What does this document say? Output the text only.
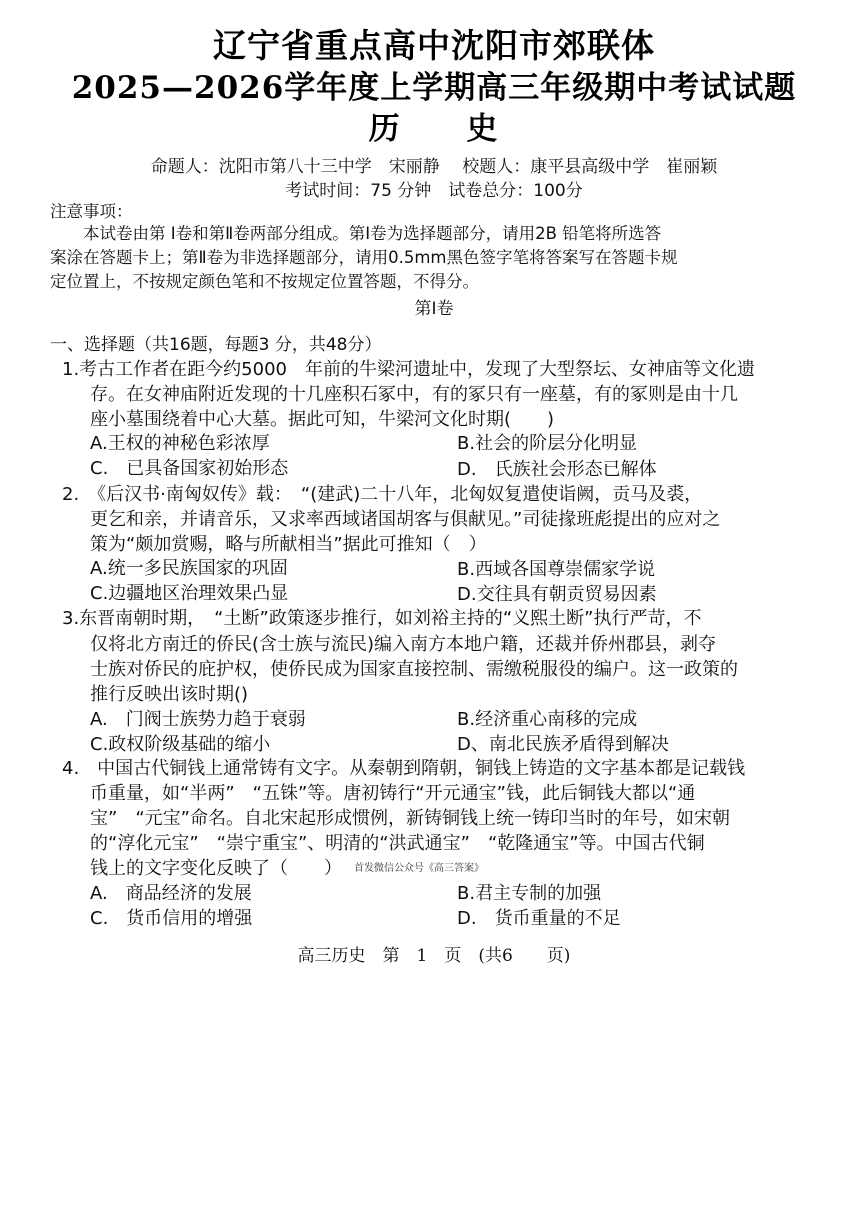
辽宁省重点高中沈阳市郊联体
2025—2026学年度上学期高三年级期中考试试题
历 史
命题人：沈阳市第八十三中学　宋丽静　 校题人：康平县高级中学　崔丽颖
考试时间：75 分钟　试卷总分：100分
注意事项：
　　本试卷由第 Ⅰ卷和第Ⅱ卷两部分组成。第Ⅰ卷为选择题部分，请用2B 铅笔将所选答
案涂在答题卡上；第Ⅱ卷为非选择题部分，请用0.5mm黑色签字笔将答案写在答题卡规
定位置上，不按规定颜色笔和不按规定位置答题，不得分。
第Ⅰ卷
一、选择题（共16题，每题3 分，共48分）
1.考古工作者在距今约5000　年前的牛梁河遗址中，发现了大型祭坛、女神庙等文化遗
存。在女神庙附近发现的十几座积石冢中，有的冢只有一座墓，有的冢则是由十几
座小墓围绕着中心大墓。据此可知，牛梁河文化时期(　　)
A.王权的神秘色彩浓厚	B.社会的阶层分化明显
C.　已具备国家初始形态	D.　氏族社会形态已解体
2.　《后汉书·南匈奴传》载：　“(建武)二十八年，北匈奴复遣使诣阙，贡马及裘，
更乞和亲，并请音乐，又求率西域诸国胡客与俱献见。”司徒掾班彪提出的应对之
策为“颇加赏赐，略与所献相当”据此可推知（　）
A.统一多民族国家的巩固	B.西域各国尊崇儒家学说
C.边疆地区治理效果凸显	D.交往具有朝贡贸易因素
3.东晋南朝时期，　“土断”政策逐步推行，如刘裕主持的“义熙土断”执行严苛，不
仅将北方南迁的侨民(含士族与流民)编入南方本地户籍，还裁并侨州郡县，剥夺
士族对侨民的庇护权，使侨民成为国家直接控制、需缴税服役的编户。这一政策的
推行反映出该时期()
A.　门阀士族势力趋于衰弱	B.经济重心南移的完成
C.政权阶级基础的缩小	D、南北民族矛盾得到解决
4.　中国古代铜钱上通常铸有文字。从秦朝到隋朝，铜钱上铸造的文字基本都是记载钱
币重量，如“半两”　“五铢”等。唐初铸行“开元通宝”钱，此后铜钱大都以“通
宝”　“元宝”命名。自北宋起形成惯例，新铸铜钱上统一铸印当时的年号，如宋朝
的“淳化元宝”　“崇宁重宝”、明清的“洪武通宝”　“乾隆通宝”等。中国古代铜
钱上的文字变化反映了（　　） 首发微信公众号《高三答案》
A.　商品经济的发展	B.君主专制的加强
C.　货币信用的增强	D.　货币重量的不足
高三历史　第　1　页　(共6　　页)
